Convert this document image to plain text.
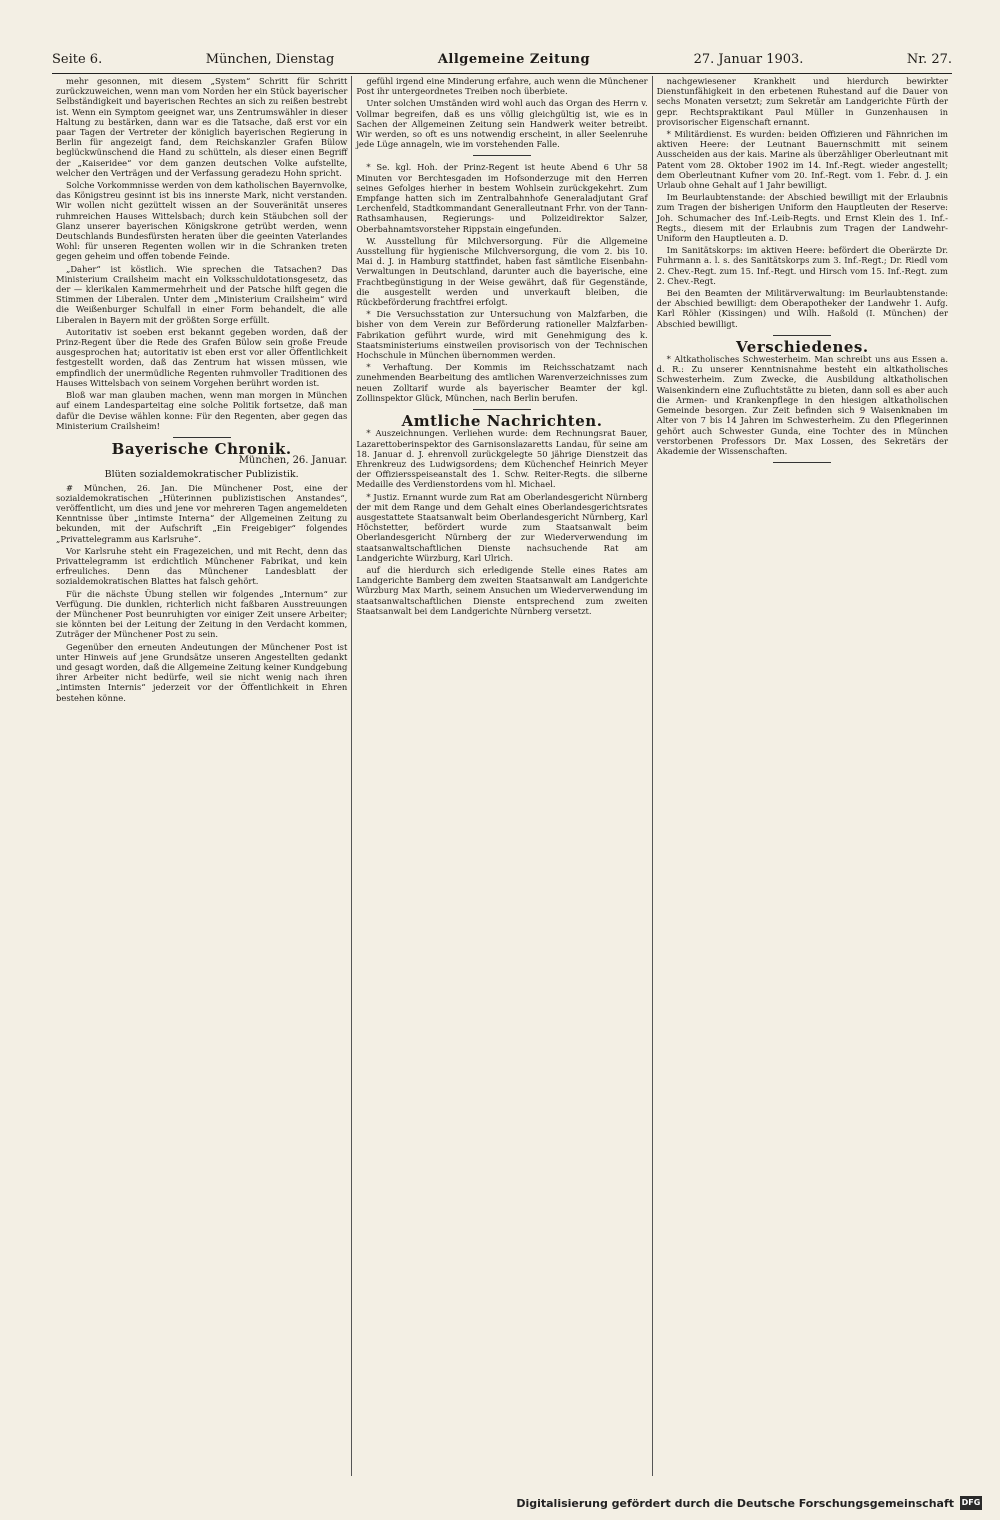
Seite 6.	München, Dienstag	Allgemeine Zeitung	27. Januar 1903.	Nr. 27.

mehr gesonnen, mit diesem „System“ Schritt für Schritt zurückzuweichen, wenn man vom Norden her ein Stück bayerischer Selbständigkeit und bayerischen Rechtes an sich zu reißen bestrebt ist. Wenn ein Symptom geeignet war, uns Zentrumswähler in dieser Haltung zu bestärken, dann war es die Tatsache, daß erst vor ein paar Tagen der Vertreter der königlich bayerischen Regierung in Berlin für angezeigt fand, dem Reichskanzler Grafen Bülow beglückwünschend die Hand zu schütteln, als dieser einen Begriff der „Kaiseridee“ vor dem ganzen deutschen Volke aufstellte, welcher den Verträgen und der Verfassung geradezu Hohn spricht.

Solche Vorkommnisse werden von dem katholischen Bayernvolke, das Königstreu gesinnt ist bis ins innerste Mark, nicht verstanden. Wir wollen nicht gezüttelt wissen an der Souveränität unseres ruhmreichen Hauses Wittelsbach; durch kein Stäubchen soll der Glanz unserer bayerischen Königskrone getrübt werden, wenn Deutschlands Bundesfürsten heraten über die geeinten Vaterlandes Wohl: für unseren Regenten wollen wir in die Schranken treten gegen geheim und offen tobende Feinde.

„Daher“ ist köstlich. Wie sprechen die Tatsachen? Das Ministerium Crailsheim macht ein Volksschuldotationsgesetz, das der — klerikalen Kammermehrheit und der Patsche hilft gegen die Stimmen der Liberalen. Unter dem „Ministerium Crailsheim“ wird die Weißenburger Schulfall in einer Form behandelt, die alle Liberalen in Bayern mit der größten Sorge erfüllt.

Autoritativ ist soeben erst bekannt gegeben worden, daß der Prinz-Regent über die Rede des Grafen Bülow sein große Freude ausgesprochen hat; autoritativ ist eben erst vor aller Öffentlichkeit festgestellt worden, daß das Zentrum hat wissen müssen, wie empfindlich der unermüdliche Regenten ruhmvoller Traditionen des Hauses Wittelsbach von seinem Vorgehen berührt worden ist.

Bloß war man glauben machen, wenn man morgen in München auf einem Landesparteitag eine solche Politik fortsetze, daß man dafür die Devise wählen konne: Für den Regenten, aber gegen das Ministerium Crailsheim!

Bayerische Chronik.
München, 26. Januar.
Blüten sozialdemokratischer Publizistik.

# München, 26. Jan. Die Münchener Post, eine der sozialdemokratischen „Hüterinnen publizistischen Anstandes“, veröffentlicht, um dies und jene vor mehreren Tagen angemeldeten Kenntnisse über „intimste Interna“ der Allgemeinen Zeitung zu bekunden, mit der Aufschrift „Ein Freigebiger“ folgendes „Privattelegramm aus Karlsruhe“.

Vor Karlsruhe steht ein Fragezeichen, und mit Recht, denn das Privattelegramm ist erdichtlich Münchener Fabrikat, und kein erfreuliches. Denn das Münchener Landesblatt der sozialdemokratischen Blattes hat falsch gehört.

Für die nächste Übung stellen wir folgendes „Internum“ zur Verfügung. Die dunklen, richterlich nicht faßbaren Ausstreuungen der Münchener Post beunruhigten vor einiger Zeit unsere Arbeiter; sie könnten bei der Leitung der Zeitung in den Verdacht kommen, Zuträger der Münchener Post zu sein.

Gegenüber den erneuten Andeutungen der Münchener Post ist unter Hinweis auf jene Grundsätze unseren Angestellten gedankt und gesagt worden, daß die Allgemeine Zeitung keiner Kundgebung ihrer Arbeiter nicht bedürfe, weil sie nicht wenig nach ihren „intimsten Internis“ jederzeit vor der Öffentlichkeit in Ehren bestehen könne.

gefühl irgend eine Minderung erfahre, auch wenn die Münchener Post ihr untergeordnetes Treiben noch überbiete.

Unter solchen Umständen wird wohl auch das Organ des Herrn v. Vollmar begreifen, daß es uns völlig gleichgültig ist, wie es in Sachen der Allgemeinen Zeitung sein Handwerk weiter betreibt. Wir werden, so oft es uns notwendig erscheint, in aller Seelenruhe jede Lüge annageln, wie im vorstehenden Falle.

* Se. kgl. Hoh. der Prinz-Regent ist heute Abend 6 Uhr 58 Minuten vor Berchtesgaden im Hofsonderzuge mit den Herren seines Gefolges hierher in bestem Wohlsein zurückgekehrt. Zum Empfange hatten sich im Zentralbahnhofe Generaladjutant Graf Lerchenfeld, Stadtkommandant Generalleutnant Frhr. von der Tann-Rathsamhausen, Regierungs- und Polizeidirektor Salzer, Oberbahnamtsvorsteher Rippstain eingefunden.

W. Ausstellung für Milchversorgung. Für die Allgemeine Ausstellung für hygienische Milchversorgung, die vom 2. bis 10. Mai d. J. in Hamburg stattfindet, haben fast sämtliche Eisenbahn-Verwaltungen in Deutschland, darunter auch die bayerische, eine Frachtbegünstigung in der Weise gewährt, daß für Gegenstände, die ausgestellt werden und unverkauft bleiben, die Rückbeförderung frachtfrei erfolgt.

* Die Versuchsstation zur Untersuchung von Malzfarben, die bisher von dem Verein zur Beförderung rationeller Malzfarben-Fabrikation geführt wurde, wird mit Genehmigung des k. Staatsministeriums einstweilen provisorisch von der Technischen Hochschule in München übernommen werden.

* Verhaftung. Der Kommis im Reichsschatzamt nach zunehmenden Bearbeitung des amtlichen Warenverzeichnisses zum neuen Zolltarif wurde als bayerischer Beamter der kgl. Zollinspektor Glück, München, nach Berlin berufen.

Amtliche Nachrichten.

* Auszeichnungen. Verliehen wurde: dem Rechnungsrat Bauer, Lazarettoberinspektor des Garnisonslazaretts Landau, für seine am 18. Januar d. J. ehrenvoll zurückgelegte 50 jährige Dienstzeit das Ehrenkreuz des Ludwigsordens; dem Küchenchef Heinrich Meyer der Offiziersspeiseanstalt des 1. Schw. Reiter-Regts. die silberne Medaille des Verdienstordens vom hl. Michael.

* Justiz. Ernannt wurde zum Rat am Oberlandesgericht Nürnberg der mit dem Range und dem Gehalt eines Oberlandesgerichtsrates ausgestattete Staatsanwalt beim Oberlandesgericht Nürnberg, Karl Höchstetter, befördert wurde zum Staatsanwalt beim Oberlandesgericht Nürnberg der zur Wiederverwendung im staatsanwaltschaftlichen Dienste nachsuchende Rat am Landgerichte Würzburg, Karl Ulrich.

auf die hierdurch sich erledigende Stelle eines Rates am Landgerichte Bamberg dem zweiten Staatsanwalt am Landgerichte Würzburg Max Marth, seinem Ansuchen um Wiederverwendung im staatsanwaltschaftlichen Dienste entsprechend zum zweiten Staatsanwalt bei dem Landgerichte Nürnberg versetzt.

nachgewiesener Krankheit und hierdurch bewirkter Dienstunfähigkeit in den erbetenen Ruhestand auf die Dauer von sechs Monaten versetzt; zum Sekretär am Landgerichte Fürth der gepr. Rechtspraktikant Paul Müller in Gunzenhausen in provisorischer Eigenschaft ernannt.

* Militärdienst. Es wurden: beiden Offizieren und Fähnrichen im aktiven Heere: der Leutnant Bauernschmitt mit seinem Ausscheiden aus der kais. Marine als überzähliger Oberleutnant mit Patent vom 28. Oktober 1902 im 14. Inf.-Regt. wieder angestellt; dem Oberleutnant Kufner vom 20. Inf.-Regt. vom 1. Febr. d. J. ein Urlaub ohne Gehalt auf 1 Jahr bewilligt.

Im Beurlaubtenstande: der Abschied bewilligt mit der Erlaubnis zum Tragen der bisherigen Uniform den Hauptleuten der Reserve: Joh. Schumacher des Inf.-Leib-Regts. und Ernst Klein des 1. Inf.-Regts., diesem mit der Erlaubnis zum Tragen der Landwehr-Uniform den Hauptleuten a. D.

Im Sanitätskorps: im aktiven Heere: befördert die Oberärzte Dr. Fuhrmann a. l. s. des Sanitätskorps zum 3. Inf.-Regt.; Dr. Riedl vom 2. Chev.-Regt. zum 15. Inf.-Regt. und Hirsch vom 15. Inf.-Regt. zum 2. Chev.-Regt.

Bei den Beamten der Militärverwaltung: im Beurlaubtenstande: der Abschied bewilligt: dem Oberapotheker der Landwehr 1. Aufg. Karl Röhler (Kissingen) und Wilh. Haßold (I. München) der Abschied bewilligt.

Verschiedenes.

* Altkatholisches Schwesterheim. Man schreibt uns aus Essen a. d. R.: Zu unserer Kenntnisnahme besteht ein altkatholisches Schwesterheim. Zum Zwecke, die Ausbildung altkatholischen Waisenkindern eine Zufluchtstätte zu bieten, dann soll es aber auch die Armen- und Krankenpflege in den hiesigen altkatholischen Gemeinde besorgen. Zur Zeit befinden sich 9 Waisenknaben im Alter von 7 bis 14 Jahren im Schwesterheim. Zu den Pflegerinnen gehört auch Schwester Gunda, eine Tochter des in München verstorbenen Professors Dr. Max Lossen, des Sekretärs der Akademie der Wissenschaften.

Digitalisierung gefördert durch die Deutsche Forschungsgemeinschaft DFG
